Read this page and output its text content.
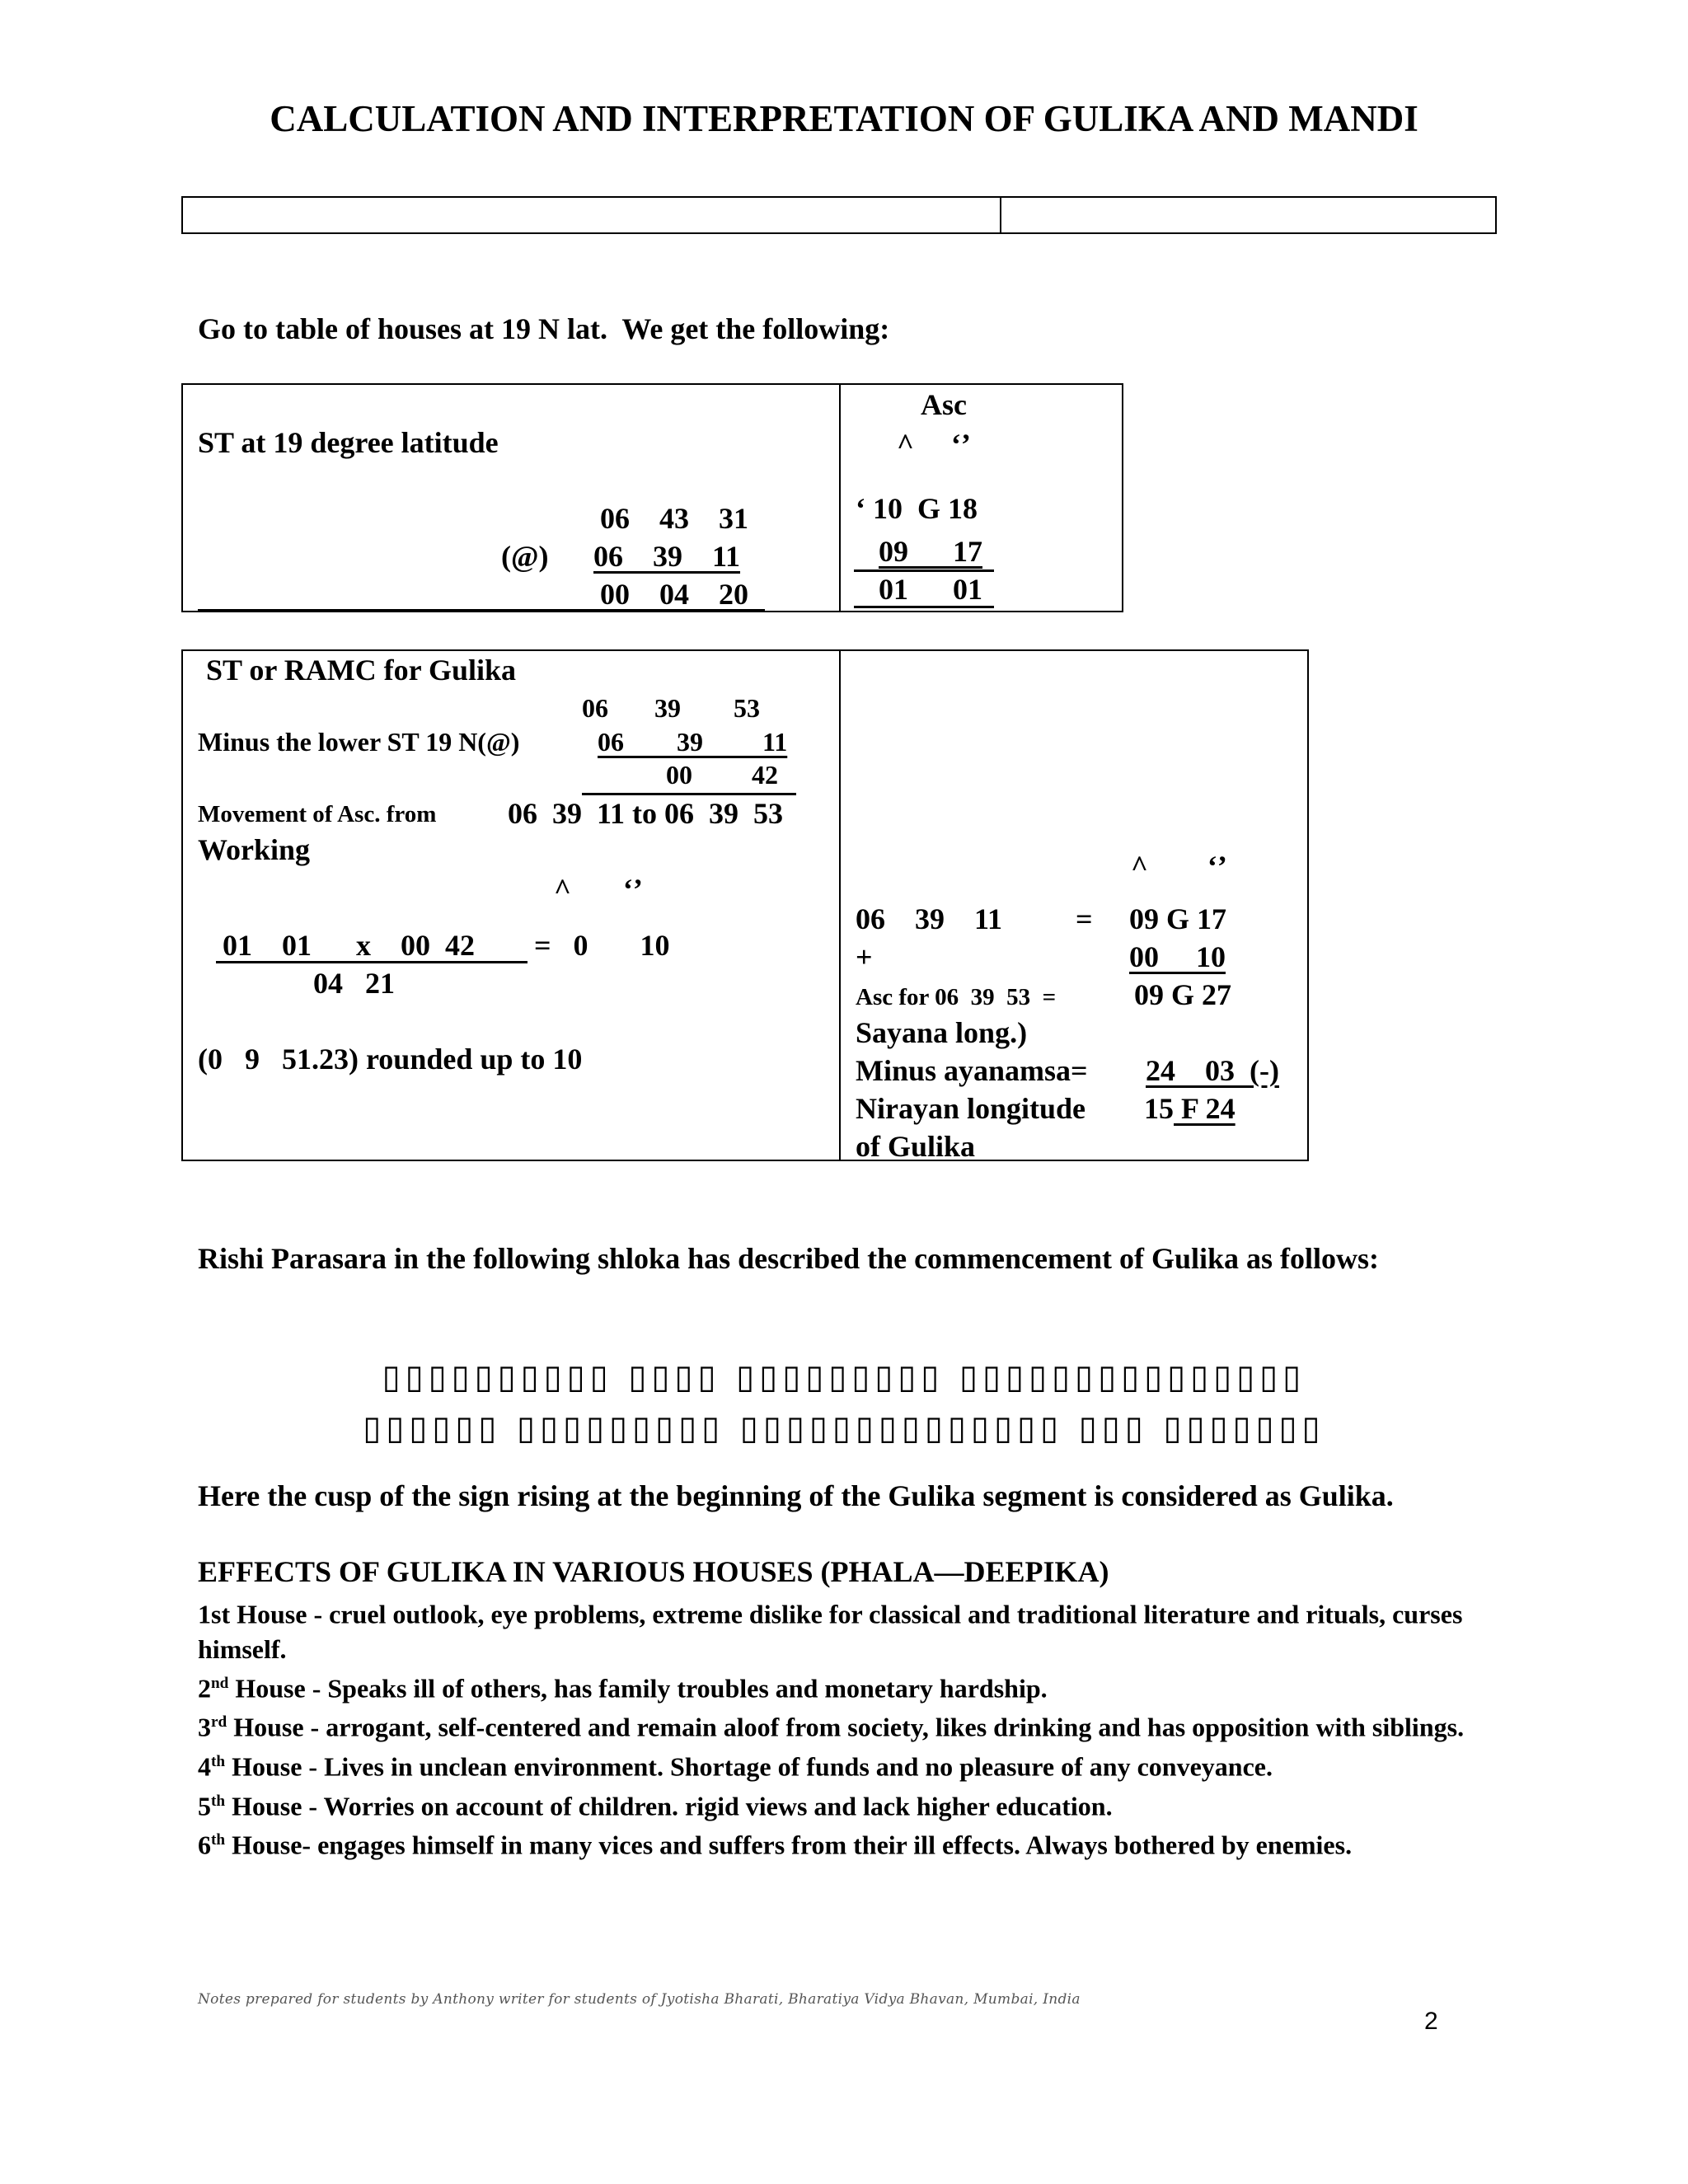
CALCULATION AND INTERPRETATION OF GULIKA AND MANDI
Go to table of houses at 19 N lat.  We get the following:
ST at 19 degree latitude
06    43    31
(@) 06    39    11
00    04    20
Asc
^     ‘’
‘ 10  G 18
09      17
01      01
ST or RAMC for Gulika
06       39        53
Minus the lower ST 19 N(@)	06        39         11
00         42
Movement of Asc. from 06  39  11 to 06  39  53
Working
^       ‘’
01    01      x    00  42 =   0       10
04   21
(0   9   51.23) rounded up to 10
^        ‘’
06    39    11 = 09 G 17
+	00     10
Asc for 06  39  53  =	09 G 27
Sayana long.)
Minus ayanamsa= 24    03  (-)
Nirayan longitude 15 F 24
of Gulika
Rishi Parasara in the following shloka has described the commencement of Gulika as follows:
▯▯▯▯▯▯▯▯▯▯ ▯▯▯▯ ▯▯▯▯▯▯▯▯▯ ▯▯▯▯▯▯▯▯▯▯▯▯▯▯▯
▯▯▯▯▯▯ ▯▯▯▯▯▯▯▯▯ ▯▯▯▯▯▯▯▯▯▯▯▯▯▯ ▯▯▯ ▯▯▯▯▯▯▯
Here the cusp of the sign rising at the beginning of the Gulika segment is considered as Gulika.
EFFECTS OF GULIKA IN VARIOUS HOUSES (PHALA—DEEPIKA)
1st House - cruel outlook, eye problems, extreme dislike for classical and traditional literature and rituals, curses himself.
2nd House - Speaks ill of others, has family troubles and monetary hardship.
3rd House - arrogant, self-centered and remain aloof from society, likes drinking and has opposition with siblings.
4th House - Lives in unclean environment. Shortage of funds and no pleasure of any conveyance.
5th House - Worries on account of children. rigid views and lack higher education.
6th House- engages himself in many vices and suffers from their ill effects. Always bothered by enemies.
Notes prepared for students by Anthony writer for students of Jyotisha Bharati, Bharatiya Vidya Bhavan, Mumbai, India
2
